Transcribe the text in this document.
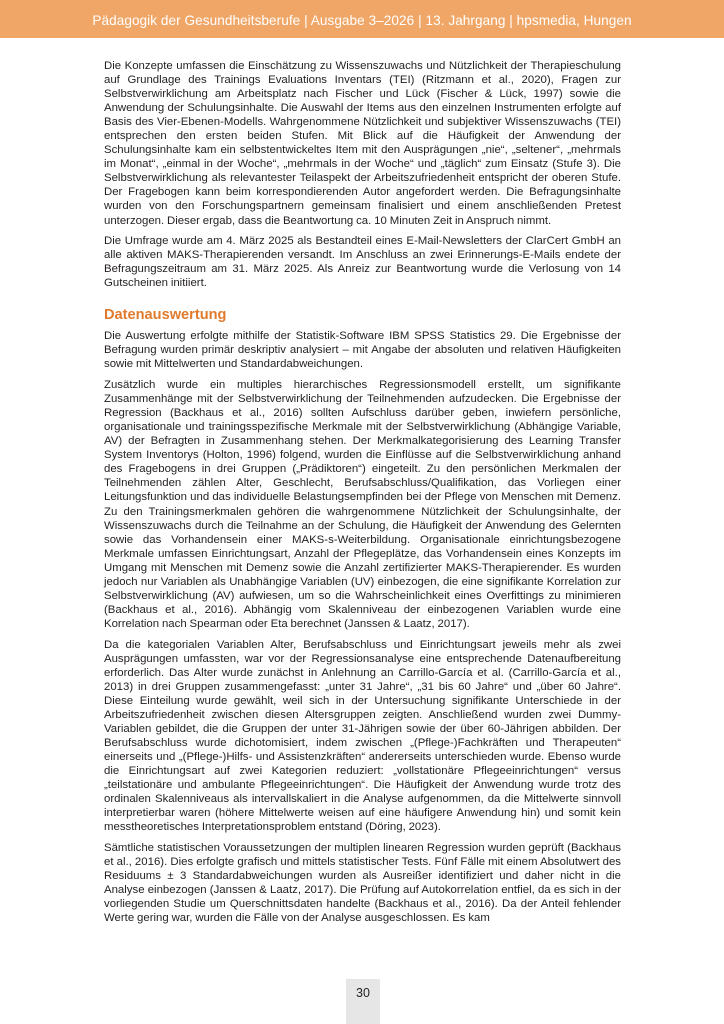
Pädagogik der Gesundheitsberufe | Ausgabe 3–2026 | 13. Jahrgang | hpsmedia, Hungen

Die Konzepte umfassen die Einschätzung zu Wissenszuwachs und Nützlichkeit der Therapieschulung auf Grundlage des Trainings Evaluations Inventars (TEI) (Ritzmann et al., 2020), Fragen zur Selbstverwirklichung am Arbeitsplatz nach Fischer und Lück (Fischer & Lück, 1997) sowie die Anwendung der Schulungsinhalte. Die Auswahl der Items aus den einzelnen Instrumenten erfolgte auf Basis des Vier-Ebenen-Modells. Wahrgenommene Nützlichkeit und subjektiver Wissenszuwachs (TEI) entsprechen den ersten beiden Stufen. Mit Blick auf die Häufigkeit der Anwendung der Schulungsinhalte kam ein selbstentwickeltes Item mit den Ausprägungen „nie“, „seltener“, „mehrmals im Monat“, „einmal in der Woche“, „mehrmals in der Woche“ und „täglich“ zum Einsatz (Stufe 3). Die Selbstverwirklichung als relevantester Teilaspekt der Arbeitszufriedenheit entspricht der oberen Stufe. Der Fragebogen kann beim korrespondierenden Autor angefordert werden. Die Befragungsinhalte wurden von den Forschungspartnern gemeinsam finalisiert und einem anschließenden Pretest unterzogen. Dieser ergab, dass die Beantwortung ca. 10 Minuten Zeit in Anspruch nimmt.

Die Umfrage wurde am 4. März 2025 als Bestandteil eines E-Mail-Newsletters der ClarCert GmbH an alle aktiven MAKS-Therapierenden versandt. Im Anschluss an zwei Erinnerungs-E-Mails endete der Befragungszeitraum am 31. März 2025. Als Anreiz zur Beantwortung wurde die Verlosung von 14 Gutscheinen initiiert.

Datenauswertung

Die Auswertung erfolgte mithilfe der Statistik-Software IBM SPSS Statistics 29. Die Ergebnisse der Befragung wurden primär deskriptiv analysiert – mit Angabe der absoluten und relativen Häufigkeiten sowie mit Mittelwerten und Standardabweichungen.

Zusätzlich wurde ein multiples hierarchisches Regressionsmodell erstellt, um signifikante Zusammenhänge mit der Selbstverwirklichung der Teilnehmenden aufzudecken. Die Ergebnisse der Regression (Backhaus et al., 2016) sollten Aufschluss darüber geben, inwiefern persönliche, organisationale und trainingsspezifische Merkmale mit der Selbstverwirklichung (Abhängige Variable, AV) der Befragten in Zusammenhang stehen. Der Merkmalkategorisierung des Learning Transfer System Inventorys (Holton, 1996) folgend, wurden die Einflüsse auf die Selbstverwirklichung anhand des Fragebogens in drei Gruppen („Prädiktoren“) eingeteilt. Zu den persönlichen Merkmalen der Teilnehmenden zählen Alter, Geschlecht, Berufsabschluss/Qualifikation, das Vorliegen einer Leitungsfunktion und das individuelle Belastungsempfinden bei der Pflege von Menschen mit Demenz. Zu den Trainingsmerkmalen gehören die wahrgenommene Nützlichkeit der Schulungsinhalte, der Wissenszuwachs durch die Teilnahme an der Schulung, die Häufigkeit der Anwendung des Gelernten sowie das Vorhandensein einer MAKS-s-Weiterbildung. Organisationale einrichtungsbezogene Merkmale umfassen Einrichtungsart, Anzahl der Pflegeplätze, das Vorhandensein eines Konzepts im Umgang mit Menschen mit Demenz sowie die Anzahl zertifizierter MAKS-Therapierender. Es wurden jedoch nur Variablen als Unabhängige Variablen (UV) einbezogen, die eine signifikante Korrelation zur Selbstverwirklichung (AV) aufwiesen, um so die Wahrscheinlichkeit eines Overfittings zu minimieren (Backhaus et al., 2016). Abhängig vom Skalenniveau der einbezogenen Variablen wurde eine Korrelation nach Spearman oder Eta berechnet (Janssen & Laatz, 2017).

Da die kategorialen Variablen Alter, Berufsabschluss und Einrichtungsart jeweils mehr als zwei Ausprägungen umfassten, war vor der Regressionsanalyse eine entsprechende Datenaufbereitung erforderlich. Das Alter wurde zunächst in Anlehnung an Carrillo-García et al. (Carrillo-García et al., 2013) in drei Gruppen zusammengefasst: „unter 31 Jahre“, „31 bis 60 Jahre“ und „über 60 Jahre“. Diese Einteilung wurde gewählt, weil sich in der Untersuchung signifikante Unterschiede in der Arbeitszufriedenheit zwischen diesen Altersgruppen zeigten. Anschließend wurden zwei Dummy-Variablen gebildet, die die Gruppen der unter 31-Jährigen sowie der über 60-Jährigen abbilden. Der Berufsabschluss wurde dichotomisiert, indem zwischen „(Pflege-)Fachkräften und Therapeuten“ einerseits und „(Pflege-)Hilfs- und Assistenzkräften“ andererseits unterschieden wurde. Ebenso wurde die Einrichtungsart auf zwei Kategorien reduziert: „vollstationäre Pflegeeinrichtungen“ versus „teilstationäre und ambulante Pflegeeinrichtungen“. Die Häufigkeit der Anwendung wurde trotz des ordinalen Skalenniveaus als intervallskaliert in die Analyse aufgenommen, da die Mittelwerte sinnvoll interpretierbar waren (höhere Mittelwerte weisen auf eine häufigere Anwendung hin) und somit kein messtheoretisches Interpretationsproblem entstand (Döring, 2023).

Sämtliche statistischen Voraussetzungen der multiplen linearen Regression wurden geprüft (Backhaus et al., 2016). Dies erfolgte grafisch und mittels statistischer Tests. Fünf Fälle mit einem Absolutwert des Residuums ± 3 Standardabweichungen wurden als Ausreißer identifiziert und daher nicht in die Analyse einbezogen (Janssen & Laatz, 2017). Die Prüfung auf Autokorrelation entfiel, da es sich in der vorliegenden Studie um Querschnittsdaten handelte (Backhaus et al., 2016). Da der Anteil fehlender Werte gering war, wurden die Fälle von der Analyse ausgeschlossen. Es kam

30
